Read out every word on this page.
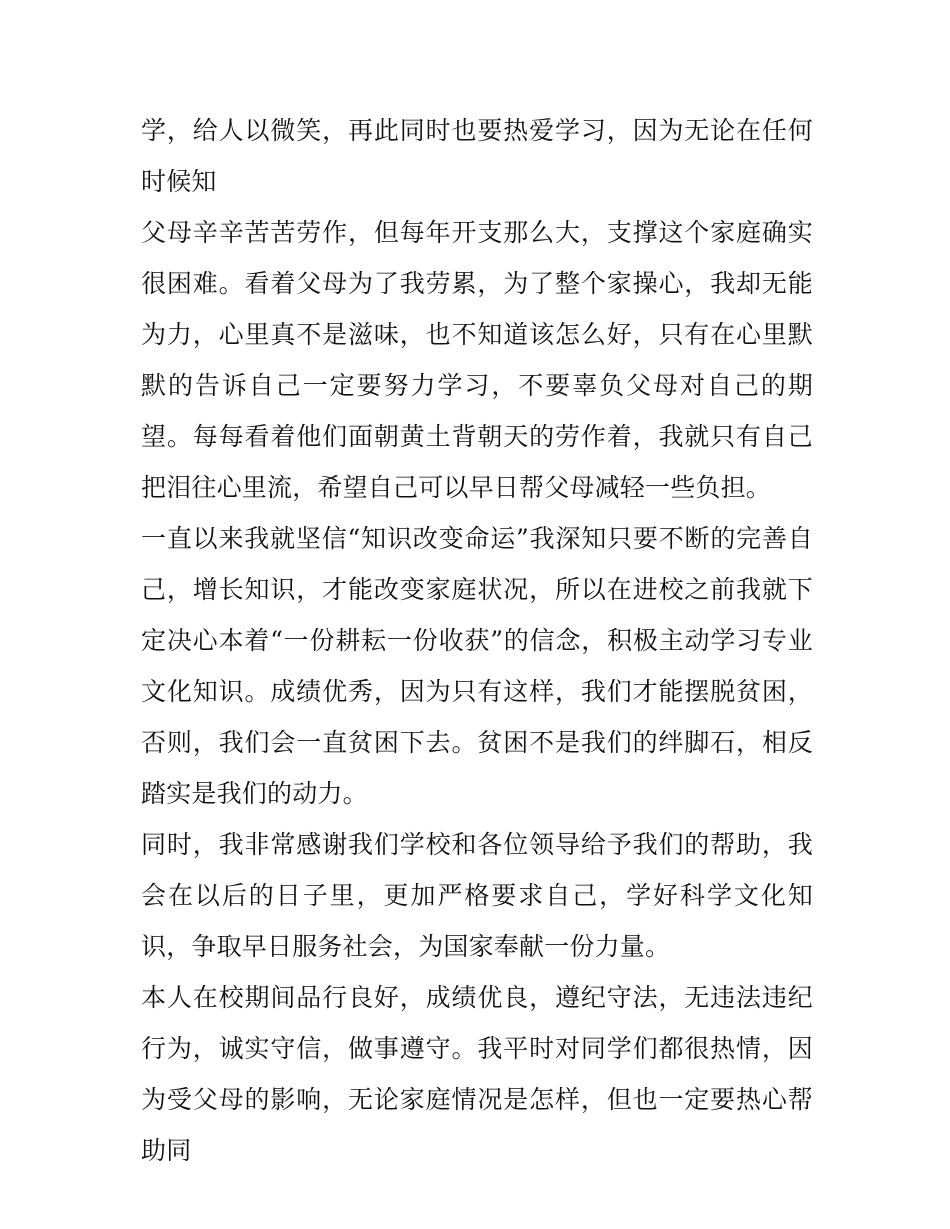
学，给人以微笑，再此同时也要热爱学习，因为无论在任何时候知

父母辛辛苦苦劳作，但每年开支那么大，支撑这个家庭确实很困难。看着父母为了我劳累，为了整个家操心，我却无能为力，心里真不是滋味，也不知道该怎么好，只有在心里默默的告诉自己一定要努力学习，不要辜负父母对自己的期望。每每看着他们面朝黄土背朝天的劳作着，我就只有自己把泪往心里流，希望自己可以早日帮父母减轻一些负担。

一直以来我就坚信“知识改变命运”我深知只要不断的完善自己，增长知识，才能改变家庭状况，所以在进校之前我就下定决心本着“一份耕耘一份收获”的信念，积极主动学习专业文化知识。成绩优秀，因为只有这样，我们才能摆脱贫困，否则，我们会一直贫困下去。贫困不是我们的绊脚石，相反踏实是我们的动力。

同时，我非常感谢我们学校和各位领导给予我们的帮助，我会在以后的日子里，更加严格要求自己，学好科学文化知识，争取早日服务社会，为国家奉献一份力量。

本人在校期间品行良好，成绩优良，遵纪守法，无违法违纪行为，诚实守信，做事遵守。我平时对同学们都很热情，因为受父母的影响，无论家庭情况是怎样，但也一定要热心帮助同
